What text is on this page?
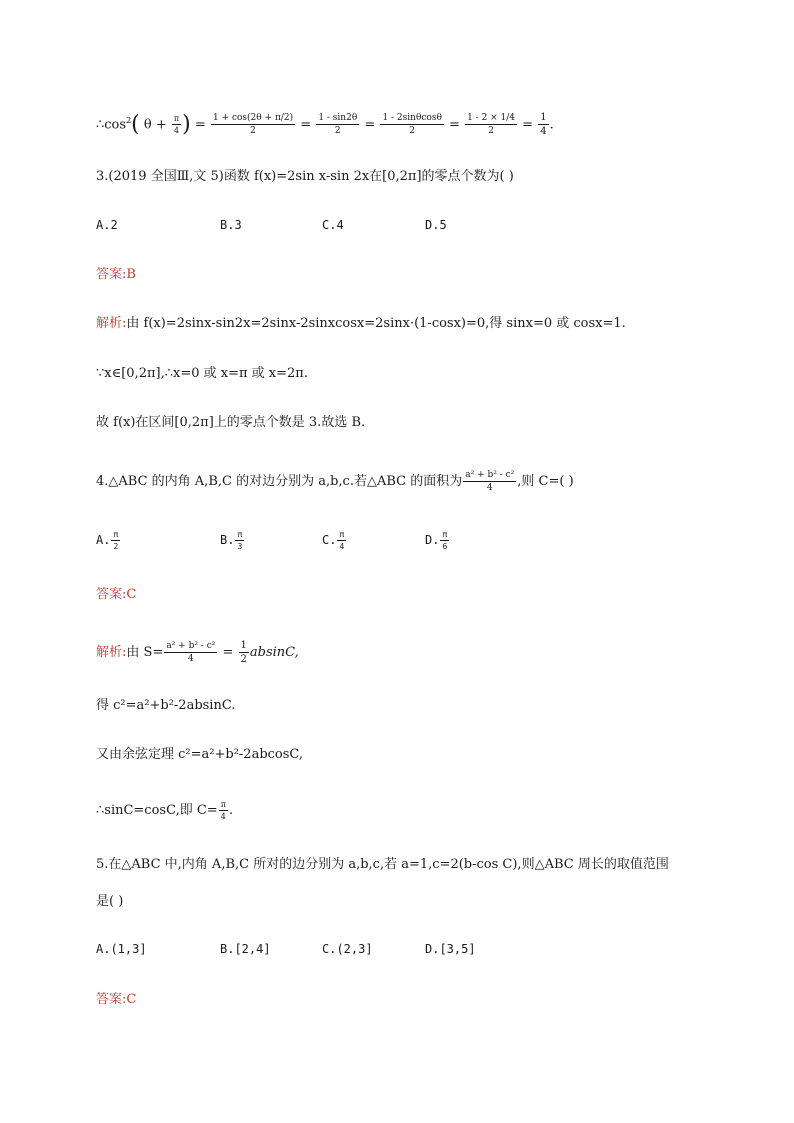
$\therefore\cos^2$( $\theta + \frac{\pi}{4}$ ) = $\frac{1 + \cos(2\theta + \pi/2)}{2} = \frac{1 - \sin 2\theta}{2} = \frac{1 - 2\sin\theta\cos\theta}{2} = \frac{1 - 2 \times 1/4}{2} = \frac{1}{4}$ .
3.(2019 全国Ⅲ,文 5)函数 f(x)=2sin x-sin 2x在[0,2π]的零点个数为( )
A.2	B.3	C.4	D.5
答案:B
解析:由 f(x)=2sinx-sin2x=2sinx-2sinxcosx=2sinx·(1-cosx)=0,得 sinx=0 或 cosx=1.
∵x∈[0,2π],∴x=0 或 x=π 或 x=2π.
故 f(x)在区间[0,2π]上的零点个数是 3.故选 B.
4.△ABC 的内角 A,B,C 的对边分别为 a,b,c.若△ABC 的面积为 $\frac{\text{a² + b² - c²}}{4}$ ,则 C=( )
A. $\frac{\pi}{2}$	B. $\frac{\pi}{3}$	C. $\frac{\pi}{4}$	D. $\frac{\pi}{6}$
答案:C
解析:由 $S= \frac{\text{a² + b² - c²}}{4} = \frac{1}{2} absinC$,
得 c²=a²+b²-2absinC.
又由余弦定理 c²=a²+b²-2abcosC,
∴sinC=cosC,即 $C= \frac{\pi}{4}$ .
5.在△ABC 中,内角 A,B,C 所对的边分别为 a,b,c,若 a=1,c=2(b-cos C),则△ABC 周长的取值范围
是( )
A.(1,3]	B.[2,4]	C.(2,3]	D.[3,5]
答案:C
